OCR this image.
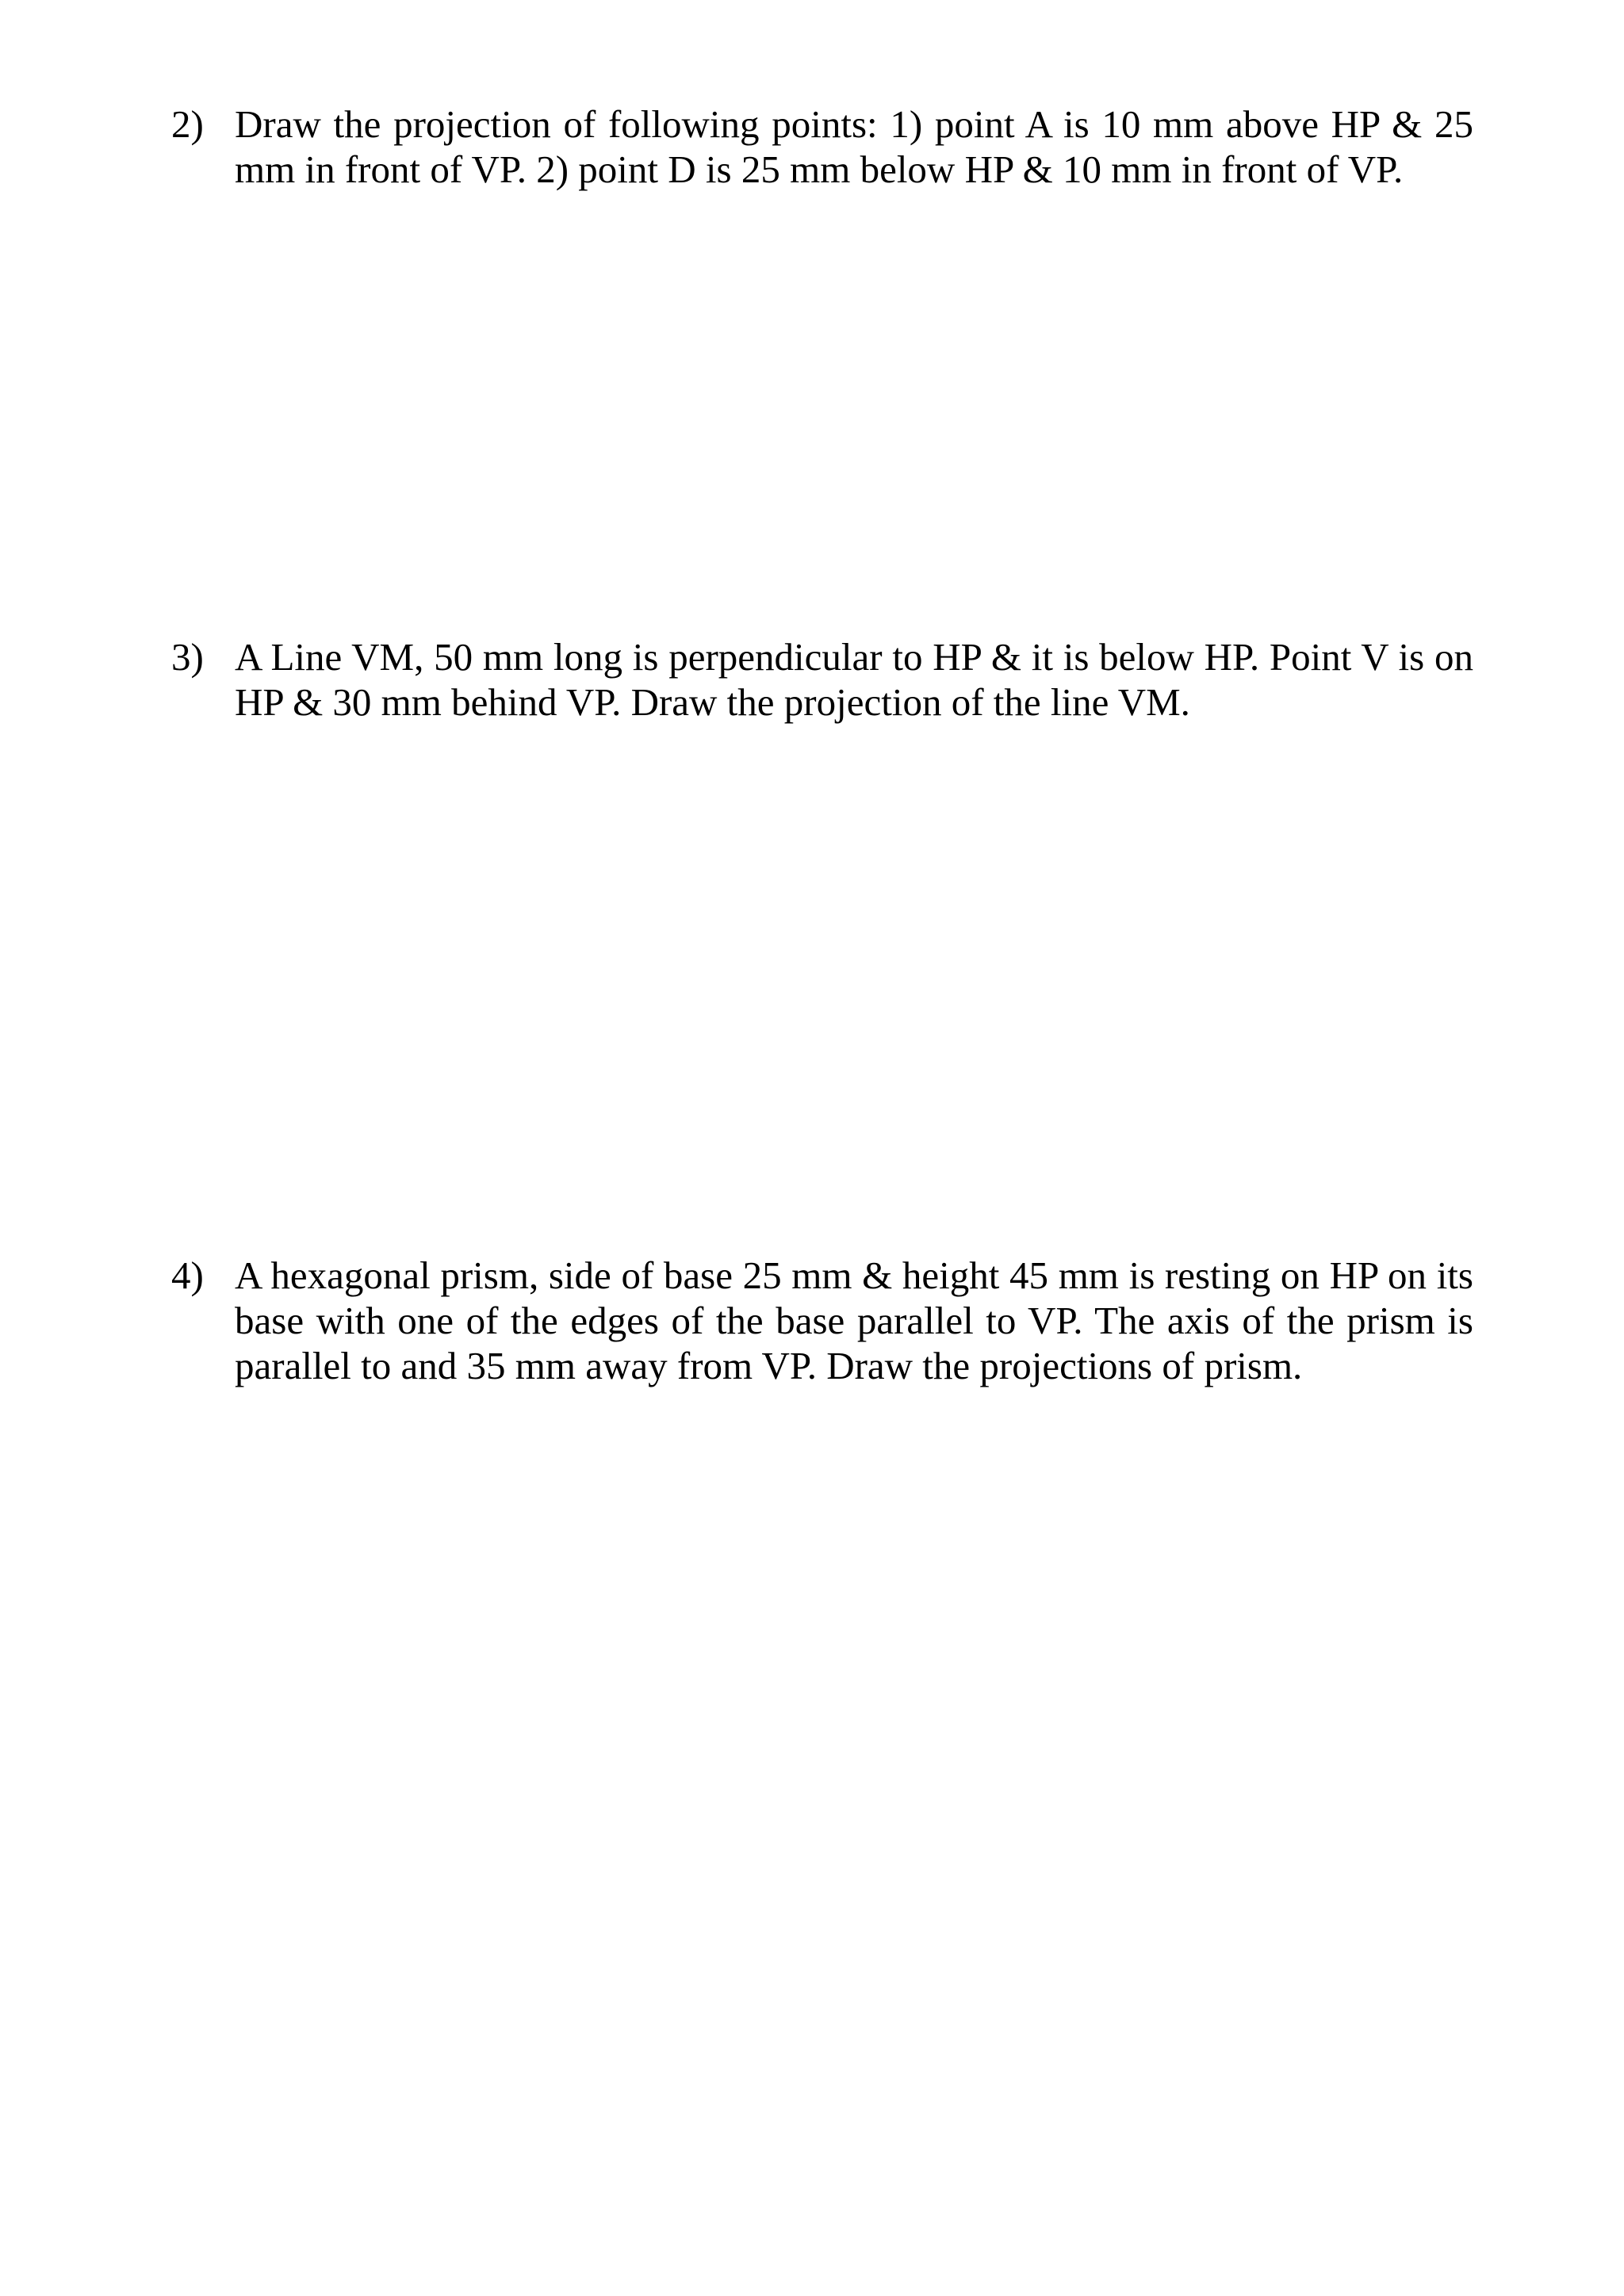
2) Draw the projection of following points: 1) point A is 10 mm above HP & 25 mm in front of VP. 2) point D is 25 mm below HP & 10 mm in front of VP.
3) A Line VM, 50 mm long is perpendicular to HP & it is below HP. Point V is on HP & 30 mm behind VP. Draw the projection of the line VM.
4) A hexagonal prism, side of base 25 mm & height 45 mm is resting on HP on its base with one of the edges of the base parallel to VP. The axis of the prism is parallel to and 35 mm away from VP. Draw the projections of prism.
